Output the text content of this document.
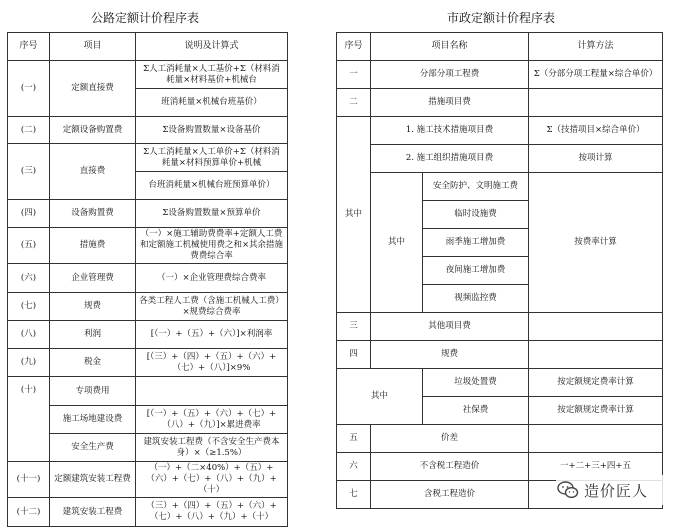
公路定额计价程序表	市政定额计价程序表
序号	项目	说明及计算式
(一)	定额直接费	Σ人工消耗量×人工基价+Σ（材料消耗量×材料基价+机械台
		班消耗量×机械台班基价）
(二)	定额设备购置费	Σ设备购置数量×设备基价
(三)	直接费	Σ人工消耗量×人工单价+Σ（材料消耗量×材料预算单价+机械
		台班消耗量×机械台班预算单价）
(四)	设备购置费	Σ设备购置数量×预算单价
(五)	措施费	（一）×施工辅助费费率+定额人工费和定额施工机械使用费之和×其余措施费费综合率
(六)	企业管理费	（一）×企业管理费综合费率
(七)	规费	各类工程人工费（含施工机械人工费）×规费综合费率
(八)	利润	[（一）+（五）+（六）]×利润率
(九)	税金	[（三）+（四）+（五）+（六）+（七）+（八）]×9%
(十)	专项费用	
	施工场地建设费	[（一）+（五）+（六）+（七）+（八）+（九）]×累进费率
	安全生产费	建筑安装工程费（不含安全生产费本身）×（≥1.5%）
(十一)	定额建筑安装工程费	（一）+（二×40%）+（五）+（六）+（七）+（八）+（九）+（十）
(十二)	建筑安装工程费	（三）+（四）+（五）+（六）+（七）+（八）+（九）+（十）
序号	项目名称		计算方法
一	分部分项工程费		Σ（分部分项工程量×综合单价）
二	措施项目费		
其中	1. 施工技术措施项目费		Σ（技措项目×综合单价）
	2. 施工组织措施项目费		按项计算
	其中	安全防护、文明施工费	按费率计算
		临时设施费	
		雨季施工增加费	
		夜间施工增加费	
		视频监控费	
三	其他项目费		
四	规费		
其中		垃圾处置费	按定额规定费率计算
		社保费	按定额规定费率计算
五	价差		
六	不含税工程造价		一+二+三+四+五
七	含税工程造价			造价匠人
